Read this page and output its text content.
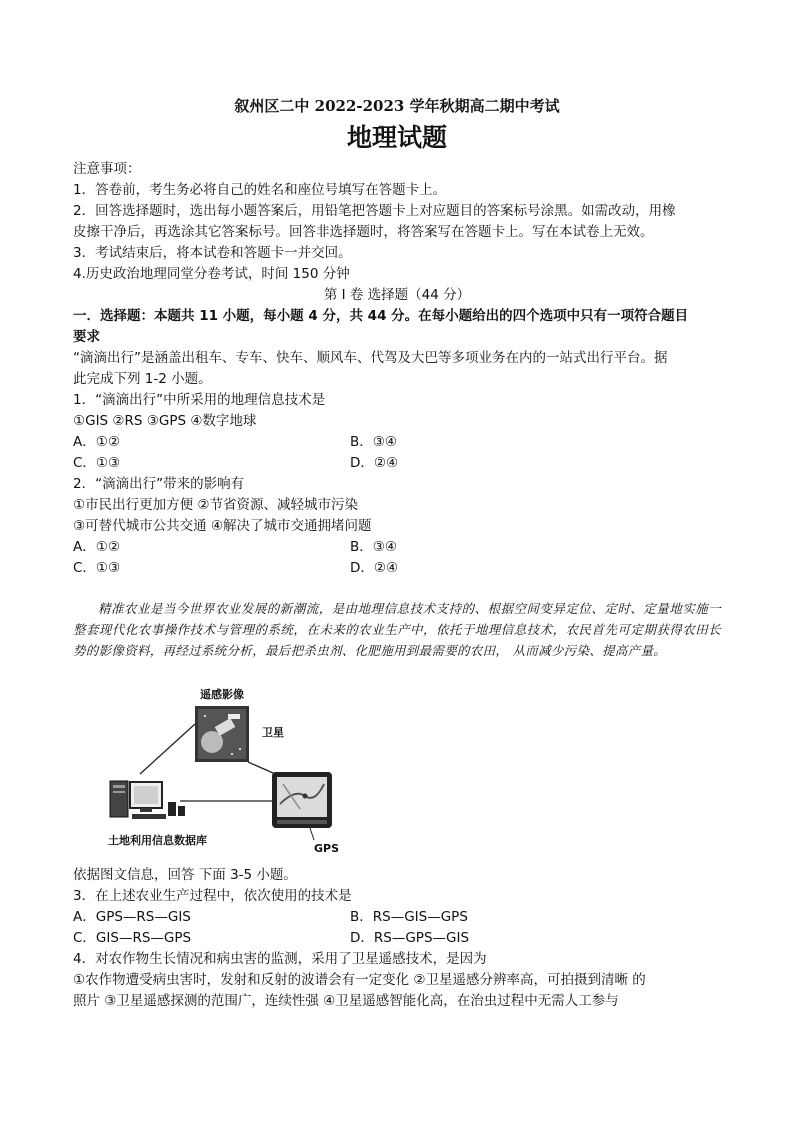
叙州区二中 2022-2023 学年秋期高二期中考试
地理试题
注意事项：
1．答卷前，考生务必将自己的姓名和座位号填写在答题卡上。
2．回答选择题时，选出每小题答案后，用铅笔把答题卡上对应题目的答案标号涂黑。如需改动，用橡
皮擦干净后，再选涂其它答案标号。回答非选择题时，将答案写在答题卡上。写在本试卷上无效。
3．考试结束后，将本试卷和答题卡一并交回。
4.历史政治地理同堂分卷考试，时间 150 分钟
第 I 卷 选择题（44 分）
一．选择题：本题共 11 小题，每小题 4 分，共 44 分。在每小题给出的四个选项中只有一项符合题目
要求
“滴滴出行”是涵盖出租车、专车、快车、顺风车、代驾及大巴等多项业务在内的一站式出行平台。据
此完成下列 1-2 小题。
1．“滴滴出行”中所采用的地理信息技术是
①GIS ②RS ③GPS ④数字地球
A．①②	B．③④
C．①③	D．②④
2．“滴滴出行”带来的影响有
①市民出行更加方便 ②节省资源、减轻城市污染
③可替代城市公共交通 ④解决了城市交通拥堵问题
A．①②	B．③④
C．①③	D．②④
精准农业是当今世界农业发展的新潮流，是由地理信息技术支持的、根据空间变异定位、定时、定量地实施一整套现代化农事操作技术与管理的系统，在未来的农业生产中，依托于地理信息技术，农民首先可定期获得农田长势的影像资料，再经过系统分析，最后把杀虫剂、化肥施用到最需要的农田， 从而减少污染、提高产量。
遥感影像
卫星
土地利用信息数据库
GPS
依据图文信息，回答 下面 3-5 小题。
3．在上述农业生产过程中，依次使用的技术是
A．GPS—RS—GIS	B．RS—GIS—GPS
C．GIS—RS—GPS	D．RS—GPS—GIS
4．对农作物生长情况和病虫害的监测，采用了卫星遥感技术，是因为
①农作物遭受病虫害时，发射和反射的波谱会有一定变化 ②卫星遥感分辨率高，可拍摄到清晰 的
照片 ③卫星遥感探测的范围广，连续性强 ④卫星遥感智能化高，在治虫过程中无需人工参与
